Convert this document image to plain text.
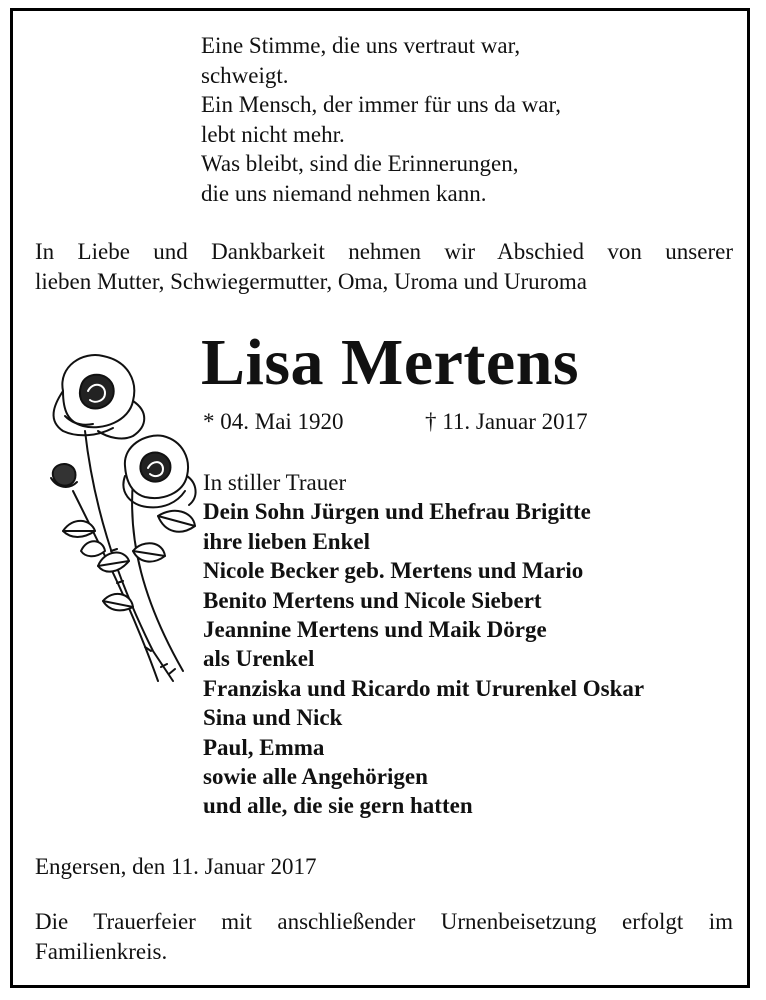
Eine Stimme, die uns vertraut war,
schweigt.
Ein Mensch, der immer für uns da war,
lebt nicht mehr.
Was bleibt, sind die Erinnerungen,
die uns niemand nehmen kann.
In Liebe und Dankbarkeit nehmen wir Abschied von unserer
lieben Mutter, Schwiegermutter, Oma, Uroma und Ururoma
Lisa Mertens
* 04. Mai 1920	† 11. Januar 2017
In stiller Trauer
Dein Sohn Jürgen und Ehefrau Brigitte
ihre lieben Enkel
Nicole Becker geb. Mertens und Mario
Benito Mertens und Nicole Siebert
Jeannine Mertens und Maik Dörge
als Urenkel
Franziska und Ricardo mit Ururenkel Oskar
Sina und Nick
Paul, Emma
sowie alle Angehörigen
und alle, die sie gern hatten
Engersen, den 11. Januar 2017
Die Trauerfeier mit anschließender Urnenbeisetzung erfolgt im
Familienkreis.
